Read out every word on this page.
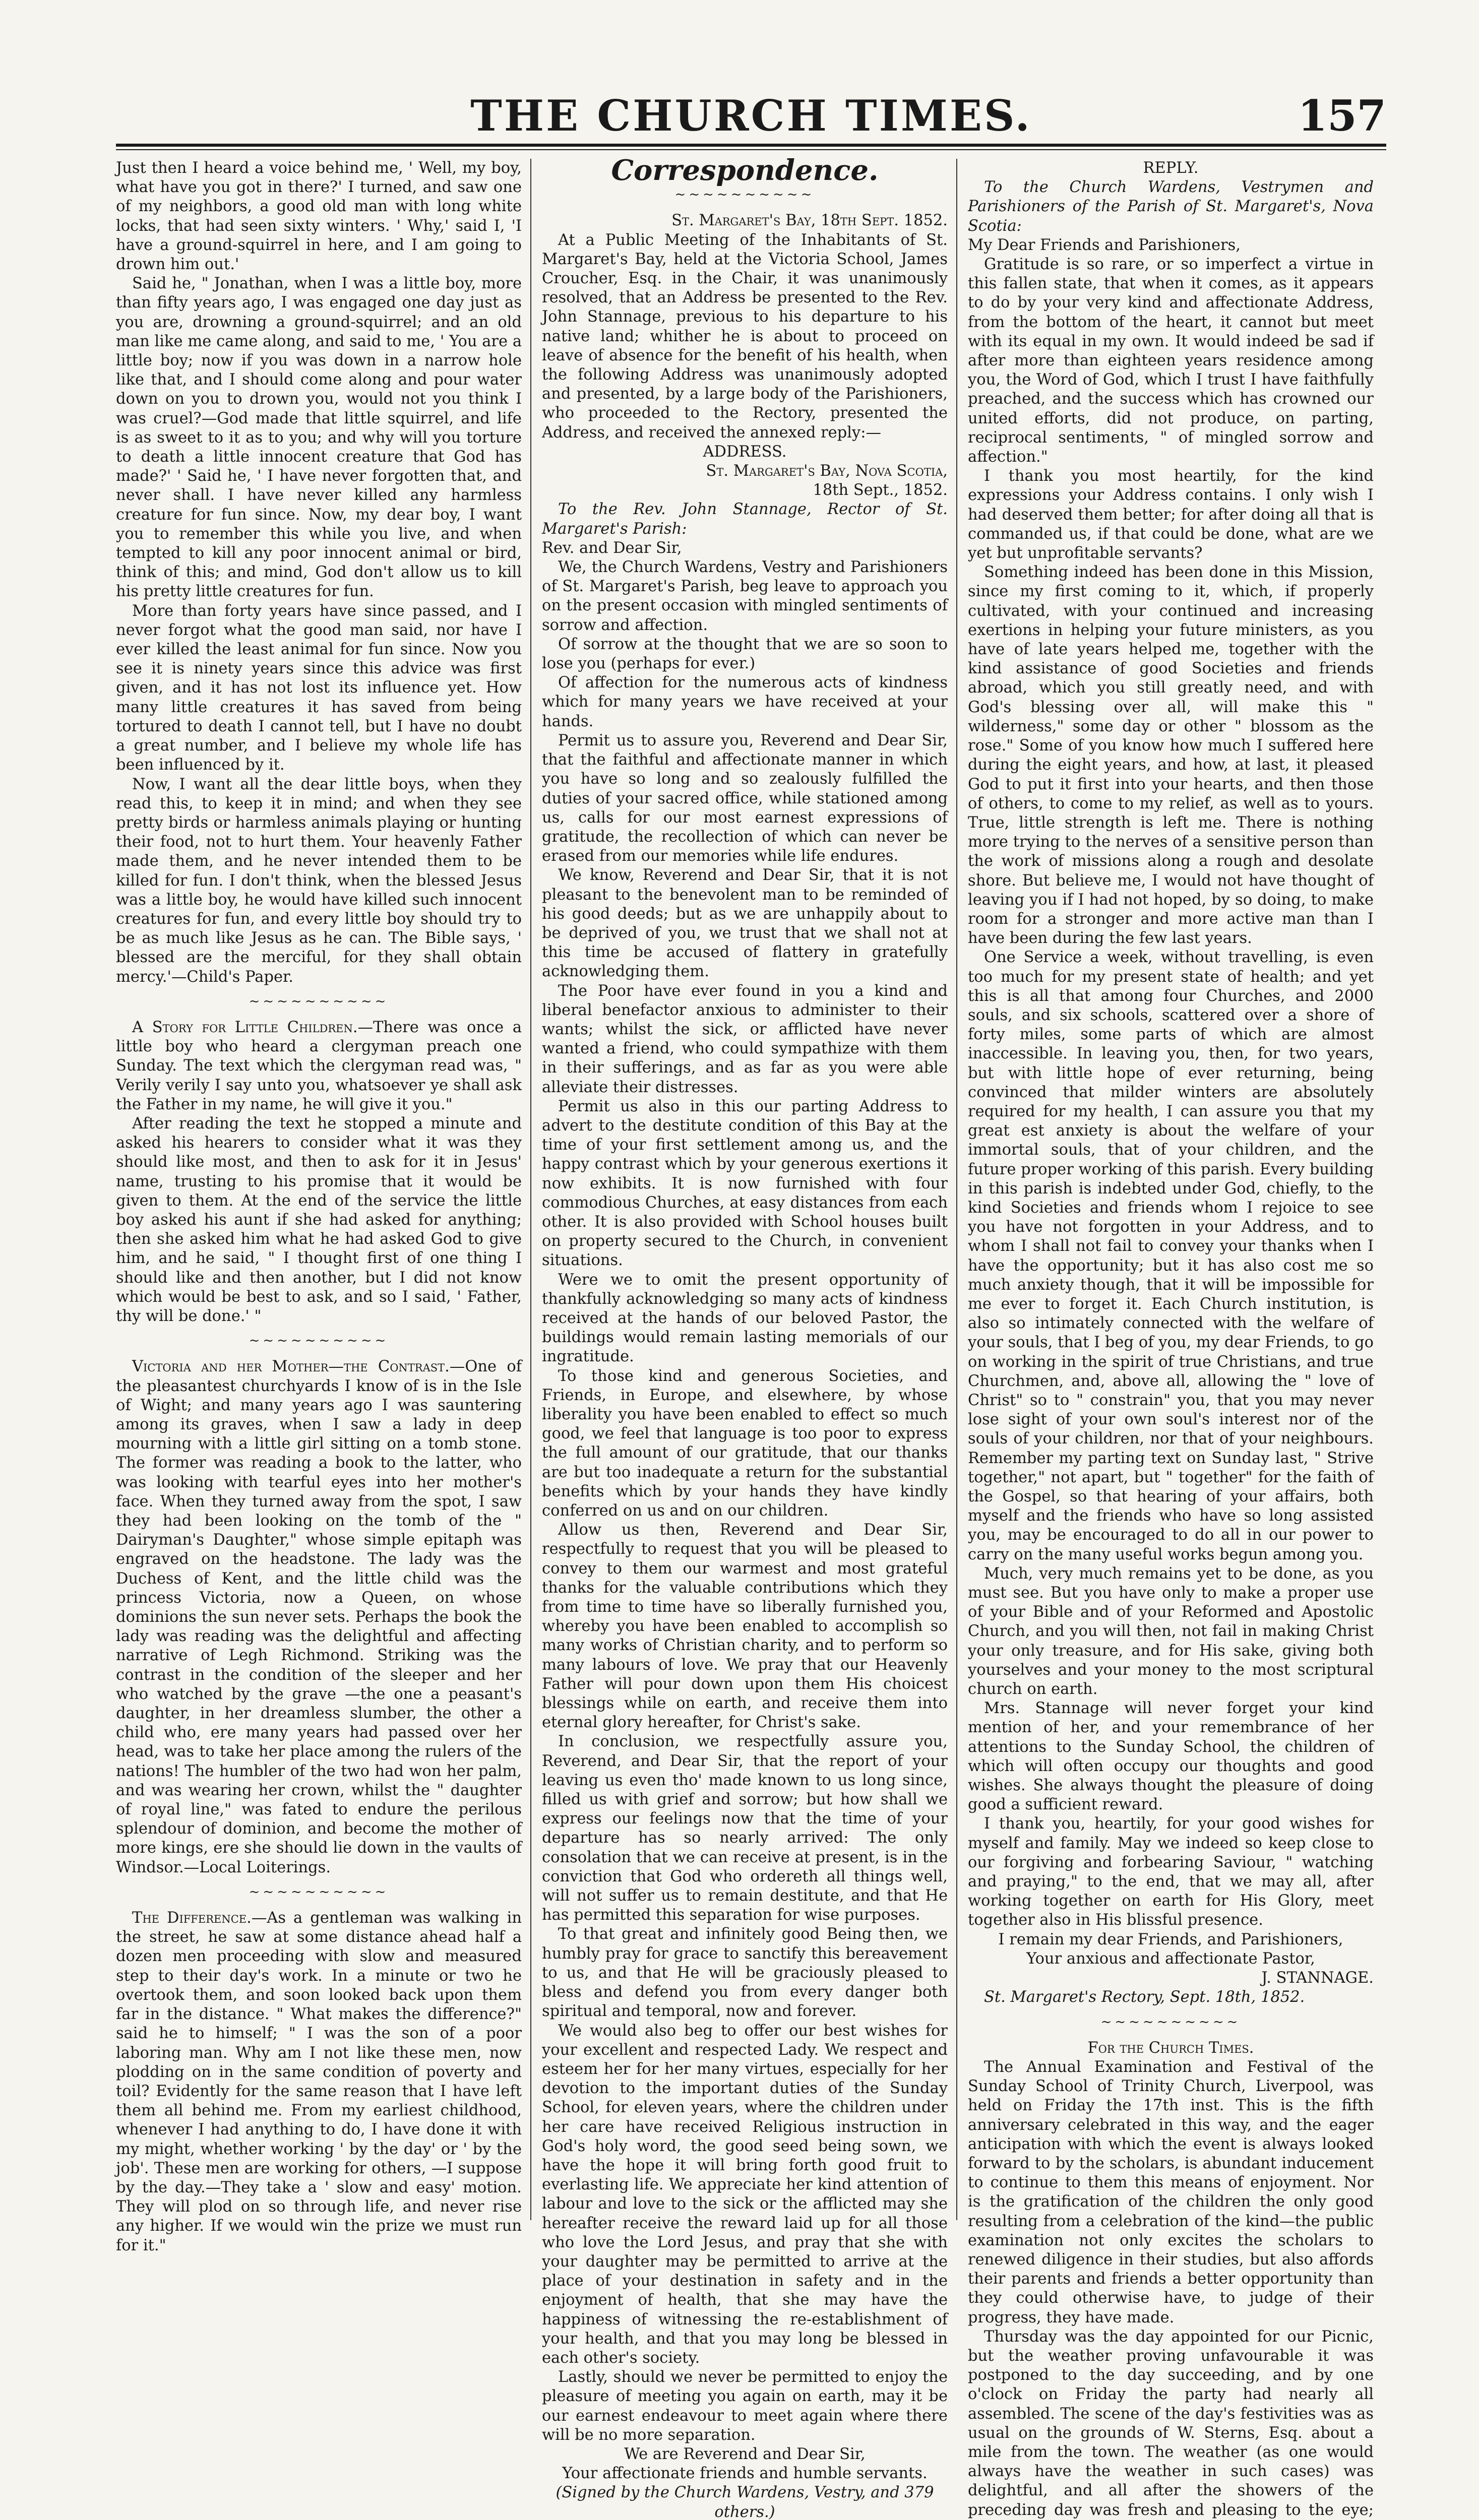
THE CHURCH TIMES.	157

Just then I heard a voice behind me, ' Well, my boy, what have you got in there?' I turned, and saw one of my neighbors, a good old man with long white locks, that had seen sixty winters. ' Why,' said I, 'I have a ground-squirrel in here, and I am going to drown him out.'

Said he, " Jonathan, when I was a little boy, more than fifty years ago, I was engaged one day just as you are, drowning a ground-squirrel; and an old man like me came along, and said to me, ' You are a little boy; now if you was down in a narrow hole like that, and I should come along and pour water down on you to drown you, would not you think I was cruel?—God made that little squirrel, and life is as sweet to it as to you; and why will you torture to death a little innocent creature that God has made?' ' Said he, ' I have never forgotten that, and never shall. I have never killed any harmless creature for fun since. Now, my dear boy, I want you to remember this while you live, and when tempted to kill any poor innocent animal or bird, think of this; and mind, God don't allow us to kill his pretty little creatures for fun.

More than forty years have since passed, and I never forgot what the good man said, nor have I ever killed the least animal for fun since. Now you see it is ninety years since this advice was first given, and it has not lost its influence yet. How many little creatures it has saved from being tortured to death I cannot tell, but I have no doubt a great number, and I believe my whole life has been influenced by it.

Now, I want all the dear little boys, when they read this, to keep it in mind; and when they see pretty birds or harmless animals playing or hunting their food, not to hurt them. Your heavenly Father made them, and he never intended them to be killed for fun. I don't think, when the blessed Jesus was a little boy, he would have killed such innocent creatures for fun, and every little boy should try to be as much like Jesus as he can. The Bible says, ' blessed are the merciful, for they shall obtain mercy.'—Child's Paper.

~~~~~~~~~~

A Story for Little Children.—There was once a little boy who heard a clergyman preach one Sunday. The text which the clergyman read was, " Verily verily I say unto you, whatsoever ye shall ask the Father in my name, he will give it you."

After reading the text he stopped a minute and asked his hearers to consider what it was they should like most, and then to ask for it in Jesus' name, trusting to his promise that it would be given to them. At the end of the service the little boy asked his aunt if she had asked for anything; then she asked him what he had asked God to give him, and he said, " I thought first of one thing I should like and then another, but I did not know which would be best to ask, and so I said, ' Father, thy will be done.' "

~~~~~~~~~~

Victoria and her Mother—the Contrast.—One of the pleasantest churchyards I know of is in the Isle of Wight; and many years ago I was sauntering among its graves, when I saw a lady in deep mourning with a little girl sitting on a tomb stone. The former was reading a book to the latter, who was looking with tearful eyes into her mother's face. When they turned away from the spot, I saw they had been looking on the tomb of the " Dairyman's Daughter," whose simple epitaph was engraved on the headstone. The lady was the Duchess of Kent, and the little child was the princess Victoria, now a Queen, on whose dominions the sun never sets. Perhaps the book the lady was reading was the delightful and affecting narrative of Legh Richmond. Striking was the contrast in the condition of the sleeper and her who watched by the grave —the one a peasant's daughter, in her dreamless slumber, the other a child who, ere many years had passed over her head, was to take her place among the rulers of the nations! The humbler of the two had won her palm, and was wearing her crown, whilst the " daughter of royal line," was fated to endure the perilous splendour of dominion, and become the mother of more kings, ere she should lie down in the vaults of Windsor.—Local Loiterings.

~~~~~~~~~~

The Difference.—As a gentleman was walking in the street, he saw at some distance ahead half a dozen men proceeding with slow and measured step to their day's work. In a minute or two he overtook them, and soon looked back upon them far in the distance. " What makes the difference?" said he to himself; " I was the son of a poor laboring man. Why am I not like these men, now plodding on in the same condition of poverty and toil? Evidently for the same reason that I have left them all behind me. From my earliest childhood, whenever I had anything to do, I have done it with my might, whether working ' by the day' or ' by the job'. These men are working for others, —I suppose by the day.—They take a ' slow and easy' motion. They will plod on so through life, and never rise any higher. If we would win the prize we must run for it."

Correspondence.
~~~~~~~~~~

St. Margaret's Bay, 18th Sept. 1852.

At a Public Meeting of the Inhabitants of St. Margaret's Bay, held at the Victoria School, James Croucher, Esq. in the Chair, it was unanimously resolved, that an Address be presented to the Rev. John Stannage, previous to his departure to his native land; whither he is about to proceed on leave of absence for the benefit of his health, when the following Address was unanimously adopted and presented, by a large body of the Parishioners, who proceeded to the Rectory, presented the Address, and received the annexed reply:—

ADDRESS.

St. Margaret's Bay, Nova Scotia,

18th Sept., 1852.

To the Rev. John Stannage, Rector of St. Margaret's Parish:

Rev. and Dear Sir,

We, the Church Wardens, Vestry and Parishioners of St. Margaret's Parish, beg leave to approach you on the present occasion with mingled sentiments of sorrow and affection.

Of sorrow at the thought that we are so soon to lose you (perhaps for ever.)

Of affection for the numerous acts of kindness which for many years we have received at your hands.

Permit us to assure you, Reverend and Dear Sir, that the faithful and affectionate manner in which you have so long and so zealously fulfilled the duties of your sacred office, while stationed among us, calls for our most earnest expressions of gratitude, the recollection of which can never be erased from our memories while life endures.

We know, Reverend and Dear Sir, that it is not pleasant to the benevolent man to be reminded of his good deeds; but as we are unhappily about to be deprived of you, we trust that we shall not at this time be accused of flattery in gratefully acknowledging them.

The Poor have ever found in you a kind and liberal benefactor anxious to administer to their wants; whilst the sick, or afflicted have never wanted a friend, who could sympathize with them in their sufferings, and as far as you were able alleviate their distresses.

Permit us also in this our parting Address to advert to the destitute condition of this Bay at the time of your first settlement among us, and the happy contrast which by your generous exertions it now exhibits. It is now furnished with four commodious Churches, at easy distances from each other. It is also provided with School houses built on property secured to the Church, in convenient situations.

Were we to omit the present opportunity of thankfully acknowledging so many acts of kindness received at the hands of our beloved Pastor, the buildings would remain lasting memorials of our ingratitude.

To those kind and generous Societies, and Friends, in Europe, and elsewhere, by whose liberality you have been enabled to effect so much good, we feel that language is too poor to express the full amount of our gratitude, that our thanks are but too inadequate a return for the substantial benefits which by your hands they have kindly conferred on us and on our children.

Allow us then, Reverend and Dear Sir, respectfully to request that you will be pleased to convey to them our warmest and most grateful thanks for the valuable contributions which they from time to time have so liberally furnished you, whereby you have been enabled to accomplish so many works of Christian charity, and to perform so many labours of love. We pray that our Heavenly Father will pour down upon them His choicest blessings while on earth, and receive them into eternal glory hereafter, for Christ's sake.

In conclusion, we respectfully assure you, Reverend, and Dear Sir, that the report of your leaving us even tho' made known to us long since, filled us with grief and sorrow; but how shall we express our feelings now that the time of your departure has so nearly arrived: The only consolation that we can receive at present, is in the conviction that God who ordereth all things well, will not suffer us to remain destitute, and that He has permitted this separation for wise purposes.

To that great and infinitely good Being then, we humbly pray for grace to sanctify this bereavement to us, and that He will be graciously pleased to bless and defend you from every danger both spiritual and temporal, now and forever.

We would also beg to offer our best wishes for your excellent and respected Lady. We respect and esteem her for her many virtues, especially for her devotion to the important duties of the Sunday School, for eleven years, where the children under her care have received Religious instruction in God's holy word, the good seed being sown, we have the hope it will bring forth good fruit to everlasting life. We appreciate her kind attention of labour and love to the sick or the afflicted may she hereafter receive the reward laid up for all those who love the Lord Jesus, and pray that she with your daughter may be permitted to arrive at the place of your destination in safety and in the enjoyment of health, that she may have the happiness of witnessing the re-establishment of your health, and that you may long be blessed in each other's society.

Lastly, should we never be permitted to enjoy the pleasure of meeting you again on earth, may it be our earnest endeavour to meet again where there will be no more separation.

We are Reverend and Dear Sir,

Your affectionate friends and humble servants.

(Signed by the Church Wardens, Vestry, and 379 others.)

REPLY.

To the Church Wardens, Vestrymen and Parishioners of the Parish of St. Margaret's, Nova Scotia:

My Dear Friends and Parishioners,

Gratitude is so rare, or so imperfect a virtue in this fallen state, that when it comes, as it appears to do by your very kind and affectionate Address, from the bottom of the heart, it cannot but meet with its equal in my own. It would indeed be sad if after more than eighteen years residence among you, the Word of God, which I trust I have faithfully preached, and the success which has crowned our united efforts, did not produce, on parting, reciprocal sentiments, " of mingled sorrow and affection."

I thank you most heartily, for the kind expressions your Address contains. I only wish I had deserved them better; for after doing all that is commanded us, if that could be done, what are we yet but unprofitable servants?

Something indeed has been done in this Mission, since my first coming to it, which, if properly cultivated, with your continued and increasing exertions in helping your future ministers, as you have of late years helped me, together with the kind assistance of good Societies and friends abroad, which you still greatly need, and with God's blessing over all, will make this " wilderness," some day or other " blossom as the rose." Some of you know how much I suffered here during the eight years, and how, at last, it pleased God to put it first into your hearts, and then those of others, to come to my relief, as well as to yours. True, little strength is left me. There is nothing more trying to the nerves of a sensitive person than the work of missions along a rough and desolate shore. But believe me, I would not have thought of leaving you if I had not hoped, by so doing, to make room for a stronger and more active man than I have been during the few last years.

One Service a week, without travelling, is even too much for my present state of health; and yet this is all that among four Churches, and 2000 souls, and six schools, scattered over a shore of forty miles, some parts of which are almost inaccessible. In leaving you, then, for two years, but with little hope of ever returning, being convinced that milder winters are absolutely required for my health, I can assure you that my great est anxiety is about the welfare of your immortal souls, that of your children, and the future proper working of this parish. Every building in this parish is indebted under God, chiefly, to the kind Societies and friends whom I rejoice to see you have not forgotten in your Address, and to whom I shall not fail to convey your thanks when I have the opportunity; but it has also cost me so much anxiety though, that it will be impossible for me ever to forget it. Each Church institution, is also so intimately connected with the welfare of your souls, that I beg of you, my dear Friends, to go on working in the spirit of true Christians, and true Churchmen, and, above all, allowing the " love of Christ" so to " constrain" you, that you may never lose sight of your own soul's interest nor of the souls of your children, nor that of your neighbours. Remember my parting text on Sunday last, " Strive together," not apart, but " together" for the faith of the Gospel, so that hearing of your affairs, both myself and the friends who have so long assisted you, may be encouraged to do all in our power to carry on the many useful works begun among you.

Much, very much remains yet to be done, as you must see. But you have only to make a proper use of your Bible and of your Reformed and Apostolic Church, and you will then, not fail in making Christ your only treasure, and for His sake, giving both yourselves and your money to the most scriptural church on earth.

Mrs. Stannage will never forget your kind mention of her, and your remembrance of her attentions to the Sunday School, the children of which will often occupy our thoughts and good wishes. She always thought the pleasure of doing good a sufficient reward.

I thank you, heartily, for your good wishes for myself and family. May we indeed so keep close to our forgiving and forbearing Saviour, " watching and praying," to the end, that we may all, after working together on earth for His Glory, meet together also in His blissful presence.

I remain my dear Friends, and Parishioners,

Your anxious and affectionate Pastor,

J. STANNAGE.

St. Margaret's Rectory, Sept. 18th, 1852.

~~~~~~~~~~

For the Church Times.

The Annual Examination and Festival of the Sunday School of Trinity Church, Liverpool, was held on Friday the 17th inst. This is the fifth anniversary celebrated in this way, and the eager anticipation with which the event is always looked forward to by the scholars, is abundant inducement to continue to them this means of enjoyment. Nor is the gratification of the children the only good resulting from a celebration of the kind—the public examination not only excites the scholars to renewed diligence in their studies, but also affords their parents and friends a better opportunity than they could otherwise have, to judge of their progress, they have made.

Thursday was the day appointed for our Picnic, but the weather proving unfavourable it was postponed to the day succeeding, and by one o'clock on Friday the party had nearly all assembled. The scene of the day's festivities was as usual on the grounds of W. Sterns, Esq. about a mile from the town. The weather (as one would always have the weather in such cases) was delightful, and all after the showers of the preceding day was fresh and pleasing to the eye;
